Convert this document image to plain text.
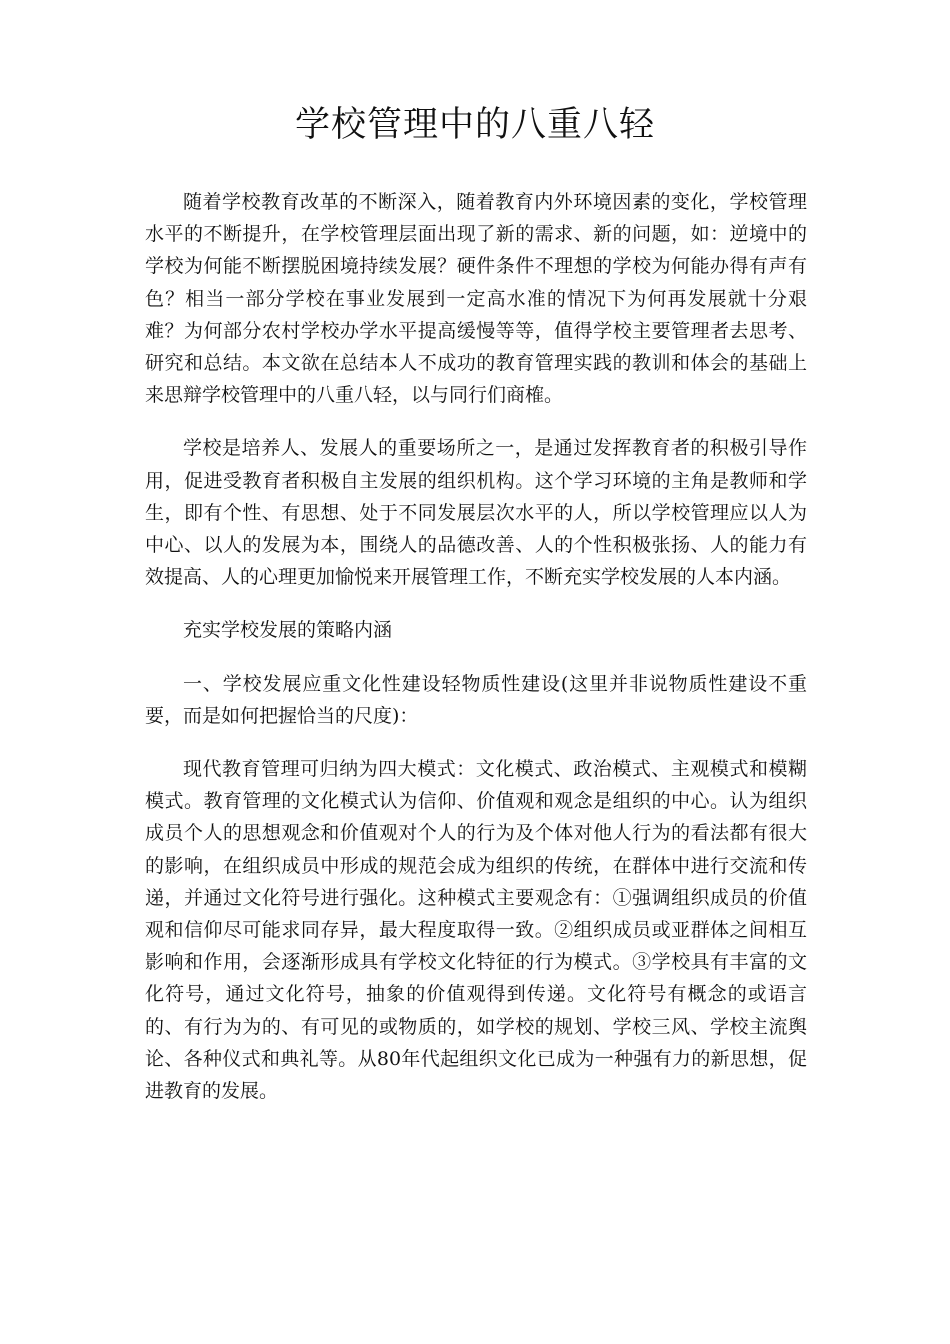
学校管理中的八重八轻

随着学校教育改革的不断深入，随着教育内外环境因素的变化，学校管理水平的不断提升，在学校管理层面出现了新的需求、新的问题，如：逆境中的学校为何能不断摆脱困境持续发展？硬件条件不理想的学校为何能办得有声有色？相当一部分学校在事业发展到一定高水准的情况下为何再发展就十分艰难？为何部分农村学校办学水平提高缓慢等等，值得学校主要管理者去思考、研究和总结。本文欲在总结本人不成功的教育管理实践的教训和体会的基础上来思辩学校管理中的八重八轻，以与同行们商榷。

学校是培养人、发展人的重要场所之一，是通过发挥教育者的积极引导作用，促进受教育者积极自主发展的组织机构。这个学习环境的主角是教师和学生，即有个性、有思想、处于不同发展层次水平的人，所以学校管理应以人为中心、以人的发展为本，围绕人的品德改善、人的个性积极张扬、人的能力有效提高、人的心理更加愉悦来开展管理工作，不断充实学校发展的人本内涵。

充实学校发展的策略内涵

一、学校发展应重文化性建设轻物质性建设(这里并非说物质性建设不重要，而是如何把握恰当的尺度)：

现代教育管理可归纳为四大模式：文化模式、政治模式、主观模式和模糊模式。教育管理的文化模式认为信仰、价值观和观念是组织的中心。认为组织成员个人的思想观念和价值观对个人的行为及个体对他人行为的看法都有很大的影响，在组织成员中形成的规范会成为组织的传统，在群体中进行交流和传递，并通过文化符号进行强化。这种模式主要观念有：①强调组织成员的价值观和信仰尽可能求同存异，最大程度取得一致。②组织成员或亚群体之间相互影响和作用，会逐渐形成具有学校文化特征的行为模式。③学校具有丰富的文化符号，通过文化符号，抽象的价值观得到传递。文化符号有概念的或语言的、有行为为的、有可见的或物质的，如学校的规划、学校三风、学校主流舆论、各种仪式和典礼等。从80年代起组织文化已成为一种强有力的新思想，促进教育的发展。
